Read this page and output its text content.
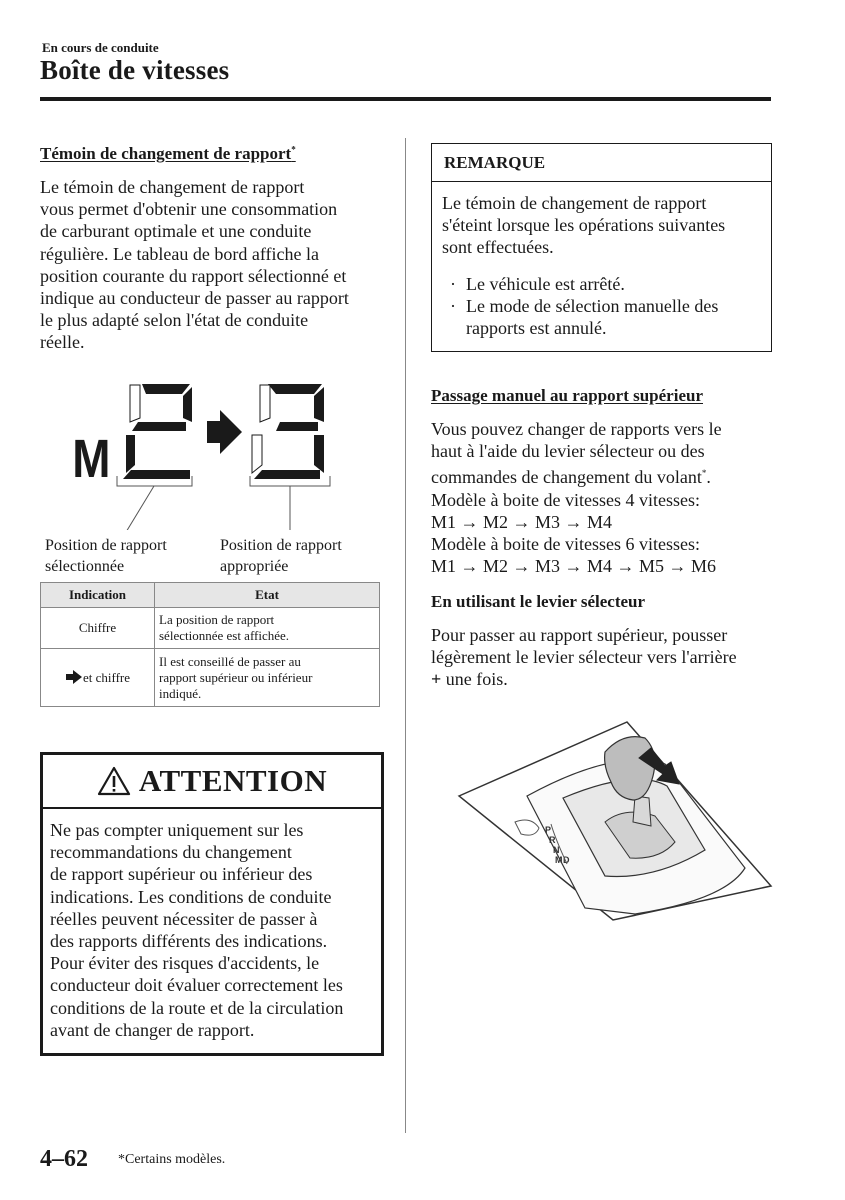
En cours de conduite
Boîte de vitesses
Témoin de changement de rapport*
Le témoin de changement de rapport
vous permet d'obtenir une consommation
de carburant optimale et une conduite
régulière. Le tableau de bord affiche la
position courante du rapport sélectionné et
indique au conducteur de passer au rapport
le plus adapté selon l'état de conduite
réelle.
M
Position de rapport
sélectionnée
Position de rapport
appropriée
Indication	Etat
Chiffre	La position de rapport
sélectionnée est affichée.

et chiffre	Il est conseillé de passer au
rapport supérieur ou inférieur
indiqué.
ATTENTION
Ne pas compter uniquement sur les
recommandations du changement
de rapport supérieur ou inférieur des
indications. Les conditions de conduite
réelles peuvent nécessiter de passer à
des rapports différents des indications.
Pour éviter des risques d'accidents, le
conducteur doit évaluer correctement les
conditions de la route et de la circulation
avant de changer de rapport.
REMARQUE
Le témoin de changement de rapport
s'éteint lorsque les opérations suivantes
sont effectuées.
· Le véhicule est arrêté.
· Le mode de sélection manuelle des
rapports est annulé.
Passage manuel au rapport supérieur
Vous pouvez changer de rapports vers le
haut à l'aide du levier sélecteur ou des
commandes de changement du volant*.
Modèle à boite de vitesses 4 vitesses:
M1 → M2 → M3 → M4
Modèle à boite de vitesses 6 vitesses:
M1 → M2 → M3 → M4 → M5 → M6
En utilisant le levier sélecteur
Pour passer au rapport supérieur, pousser
légèrement le levier sélecteur vers l'arrière
+ une fois.
P
R
N
M D
4–62 *Certains modèles.
